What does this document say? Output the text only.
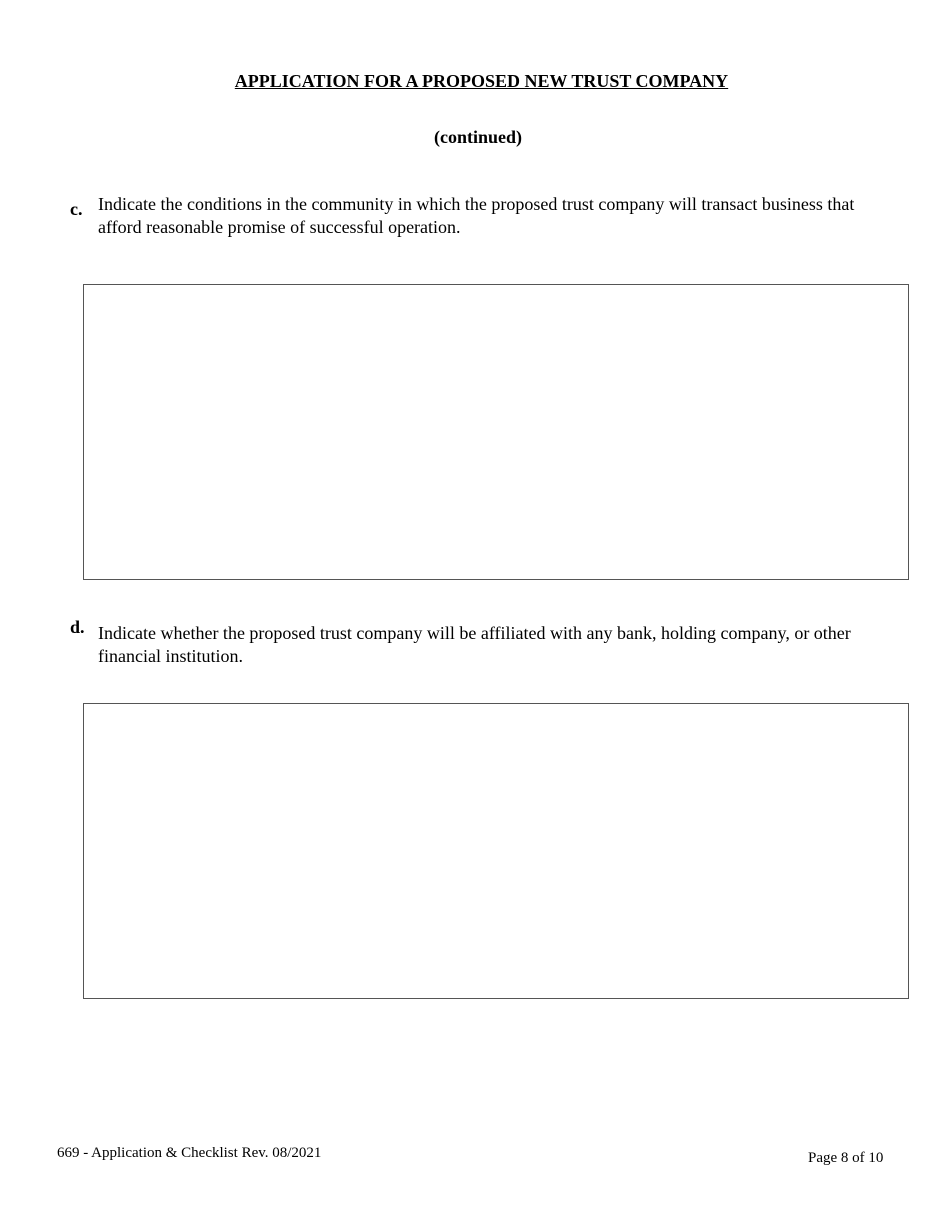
APPLICATION FOR A PROPOSED NEW TRUST COMPANY
(continued)
c. Indicate the conditions in the community in which the proposed trust company will transact business that afford reasonable promise of successful operation.
d. Indicate whether the proposed trust company will be affiliated with any bank, holding company, or other financial institution.
669 - Application & Checklist Rev. 08/2021	Page 8 of 10
